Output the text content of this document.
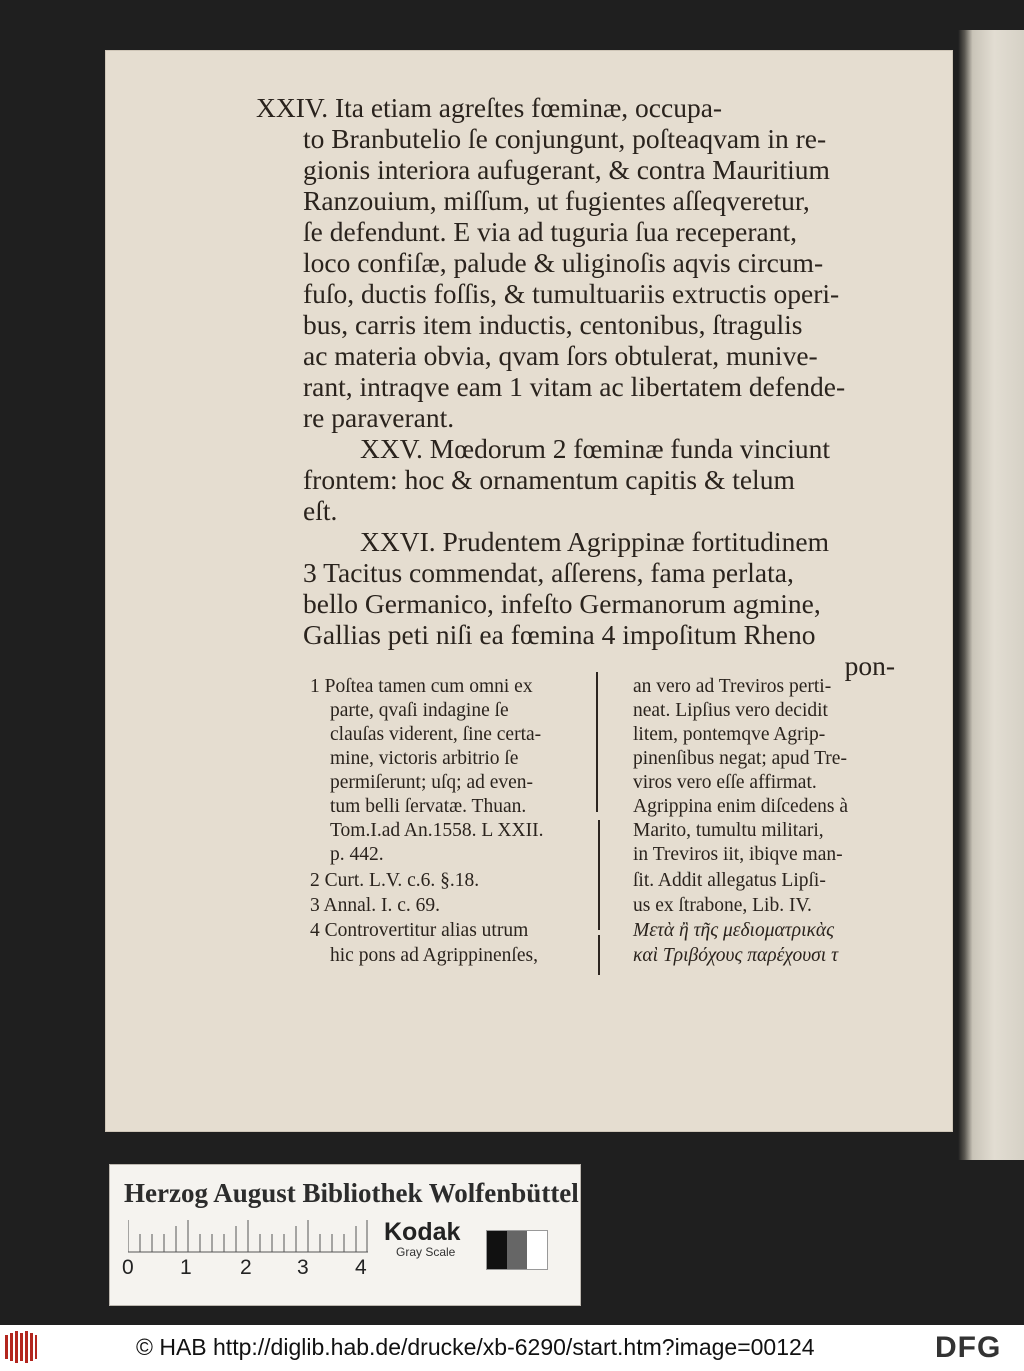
XXIV. Ita etiam agreſtes fœminæ, occupa-
to Branbutelio ſe conjungunt, poſteaqvam in re-
gionis interiora aufugerant, & contra Mauritium
Ranzouium, miſſum, ut fugientes aſſeqveretur,
ſe defendunt. E via ad tuguria ſua receperant,
loco confiſæ, palude & uliginoſis aqvis circum-
fuſo, ductis foſſis, & tumultuariis extructis operi-
bus, carris item inductis, centonibus, ſtragulis
ac materia obvia, qvam ſors obtulerat, munive-
rant, intraqve eam 1 vitam ac libertatem defende-
re paraverant.
XXV. Mœdorum 2 fœminæ funda vinciunt
frontem: hoc & ornamentum capitis & telum
eſt.
XXVI. Prudentem Agrippinæ fortitudinem
3 Tacitus commendat, aſſerens, fama perlata,
bello Germanico, infeſto Germanorum agmine,
Gallias peti niſi ea fœmina 4 impoſitum Rheno
pon-
1 Poſtea tamen cum omni ex
parte, qvaſi indagine ſe
clauſas viderent, ſine certa-
mine, victoris arbitrio ſe
permiſerunt; uſq; ad even-
tum belli ſervatæ. Thuan.
Tom.I.ad An.1558. L XXII.
p. 442.
2 Curt. L.V. c.6. §.18.
3 Annal. I. c. 69.
4 Controvertitur alias utrum
hic pons ad Agrippinenſes,
an vero ad Treviros perti-
neat. Lipſius vero decidit
litem, pontemqve Agrip-
pinenſibus negat; apud Tre-
viros vero eſſe affirmat.
Agrippina enim diſcedens à
Marito, tumultu militari,
in Treviros iit, ibiqve man-
ſit. Addit allegatus Lipſi-
us ex ſtrabone, Lib. IV.
Μετὰ ἢ τῆς μεδιοματρικὰς
καὶ Τριβόχους παρέχουσι τ
Herzog August Bibliothek Wolfenbüttel
0 1 2 3 4
Kodak
Gray Scale
© HAB http://diglib.hab.de/drucke/xb-6290/start.htm?image=00124	DFG
